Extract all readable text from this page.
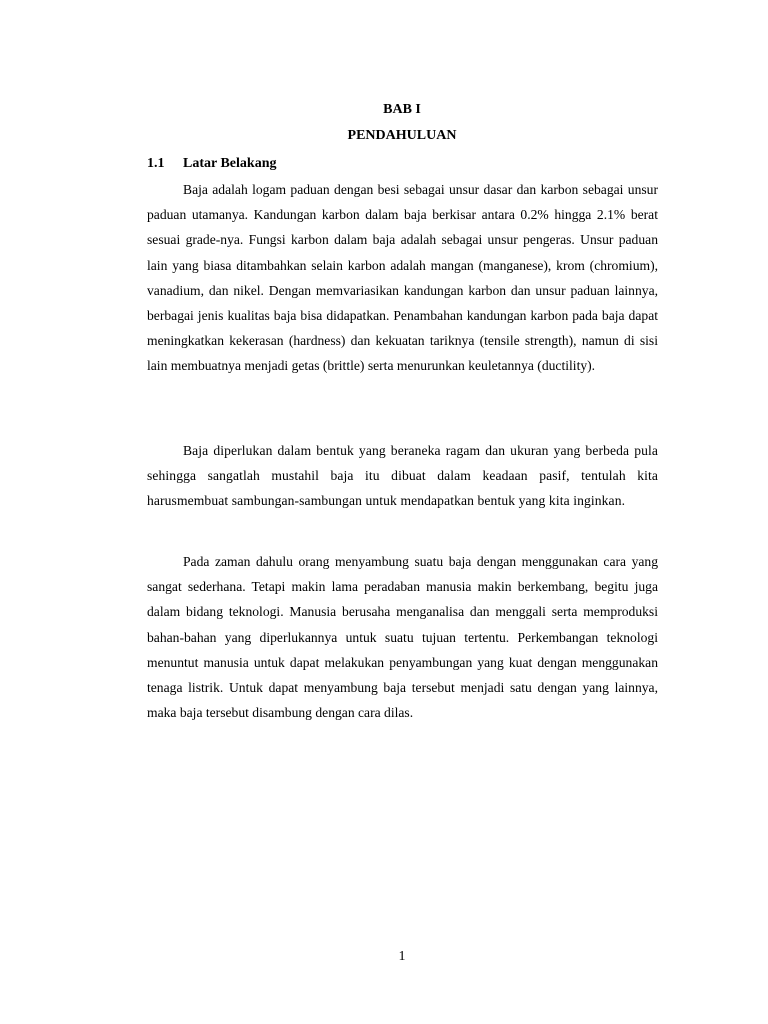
BAB I
PENDAHULUAN
1.1 Latar Belakang

Baja adalah logam paduan dengan besi sebagai unsur dasar dan karbon sebagai unsur paduan utamanya. Kandungan karbon dalam baja berkisar antara 0.2% hingga 2.1% berat sesuai grade-nya. Fungsi karbon dalam baja adalah sebagai unsur pengeras. Unsur paduan lain yang biasa ditambahkan selain karbon adalah mangan (manganese), krom (chromium), vanadium, dan nikel. Dengan memvariasikan kandungan karbon dan unsur paduan lainnya, berbagai jenis kualitas baja bisa didapatkan. Penambahan kandungan karbon pada baja dapat meningkatkan kekerasan (hardness) dan kekuatan tariknya (tensile strength), namun di sisi lain membuatnya menjadi getas (brittle) serta menurunkan keuletannya (ductility).

Baja diperlukan dalam bentuk yang beraneka ragam dan ukuran yang berbeda pula sehingga sangatlah mustahil baja itu dibuat dalam keadaan pasif, tentulah kita harusmembuat sambungan-sambungan untuk mendapatkan bentuk yang kita inginkan.

Pada zaman dahulu orang menyambung suatu baja dengan menggunakan cara yang sangat sederhana. Tetapi makin lama peradaban manusia makin berkembang, begitu juga dalam bidang teknologi. Manusia berusaha menganalisa dan menggali serta memproduksi bahan-bahan yang diperlukannya untuk suatu tujuan tertentu. Perkembangan teknologi menuntut manusia untuk dapat melakukan penyambungan yang kuat dengan menggunakan tenaga listrik. Untuk dapat menyambung baja tersebut menjadi satu dengan yang lainnya, maka baja tersebut disambung dengan cara dilas.

1
